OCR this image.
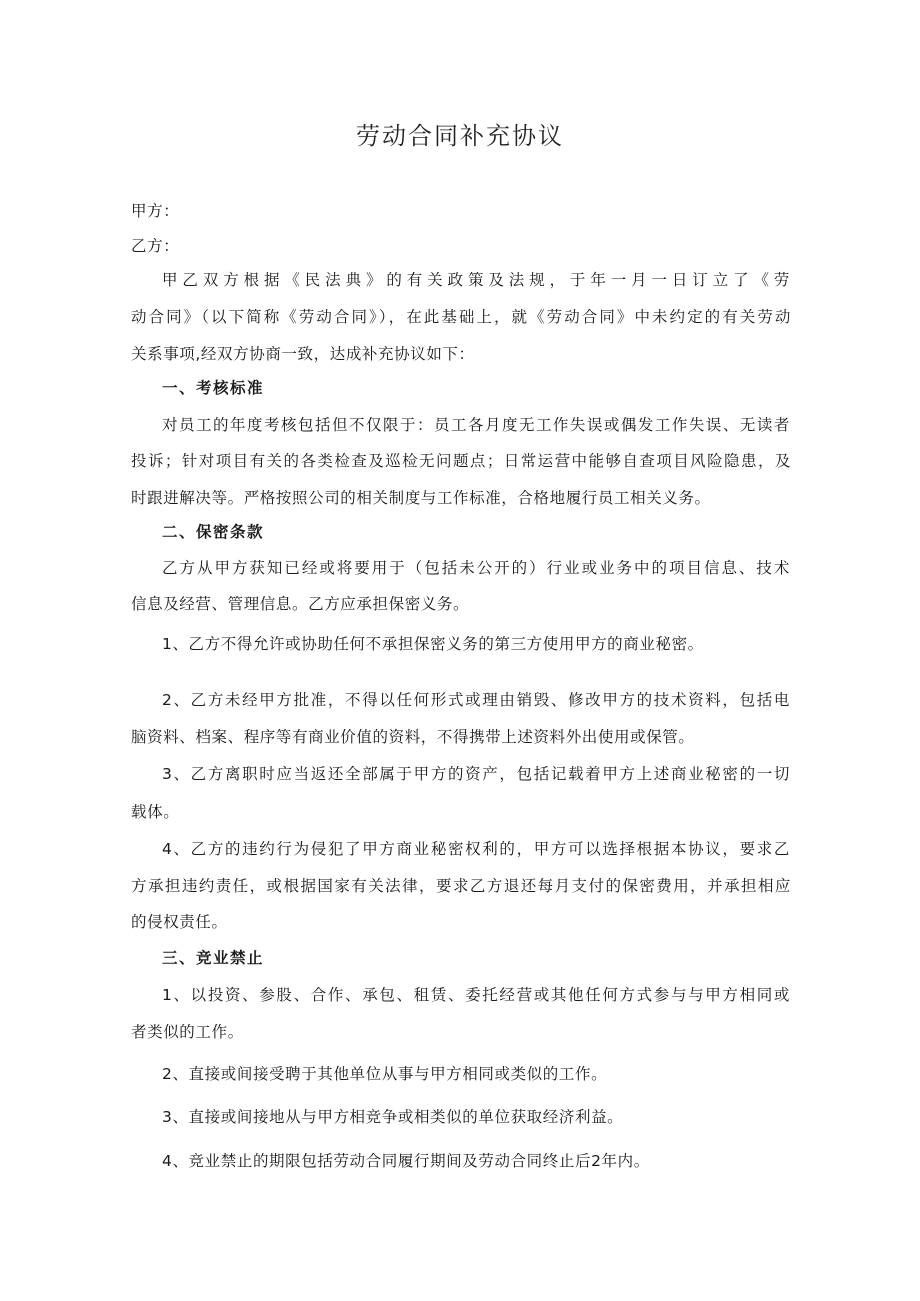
劳动合同补充协议
甲方：
乙方：
甲乙双方根据《民法典》的有关政策及法规，于年一月一日订立了《劳
动合同》（以下简称《劳动合同》），在此基础上，就《劳动合同》中未约定的有关劳动
关系事项,经双方协商一致，达成补充协议如下：
一、考核标准
对员工的年度考核包括但不仅限于：员工各月度无工作失误或偶发工作失误、无读者
投诉；针对项目有关的各类检查及巡检无问题点；日常运营中能够自查项目风险隐患，及
时跟进解决等。严格按照公司的相关制度与工作标准，合格地履行员工相关义务。
二、保密条款
乙方从甲方获知已经或将要用于（包括未公开的）行业或业务中的项目信息、技术
信息及经营、管理信息。乙方应承担保密义务。
1、乙方不得允许或协助任何不承担保密义务的第三方使用甲方的商业秘密。
2、乙方未经甲方批准，不得以任何形式或理由销毁、修改甲方的技术资料，包括电
脑资料、档案、程序等有商业价值的资料，不得携带上述资料外出使用或保管。
3、乙方离职时应当返还全部属于甲方的资产，包括记载着甲方上述商业秘密的一切
载体。
4、乙方的违约行为侵犯了甲方商业秘密权利的，甲方可以选择根据本协议，要求乙
方承担违约责任，或根据国家有关法律，要求乙方退还每月支付的保密费用，并承担相应
的侵权责任。
三、竞业禁止
1、以投资、参股、合作、承包、租赁、委托经营或其他任何方式参与与甲方相同或
者类似的工作。
2、直接或间接受聘于其他单位从事与甲方相同或类似的工作。
3、直接或间接地从与甲方相竞争或相类似的单位获取经济利益。
4、竞业禁止的期限包括劳动合同履行期间及劳动合同终止后2年内。
